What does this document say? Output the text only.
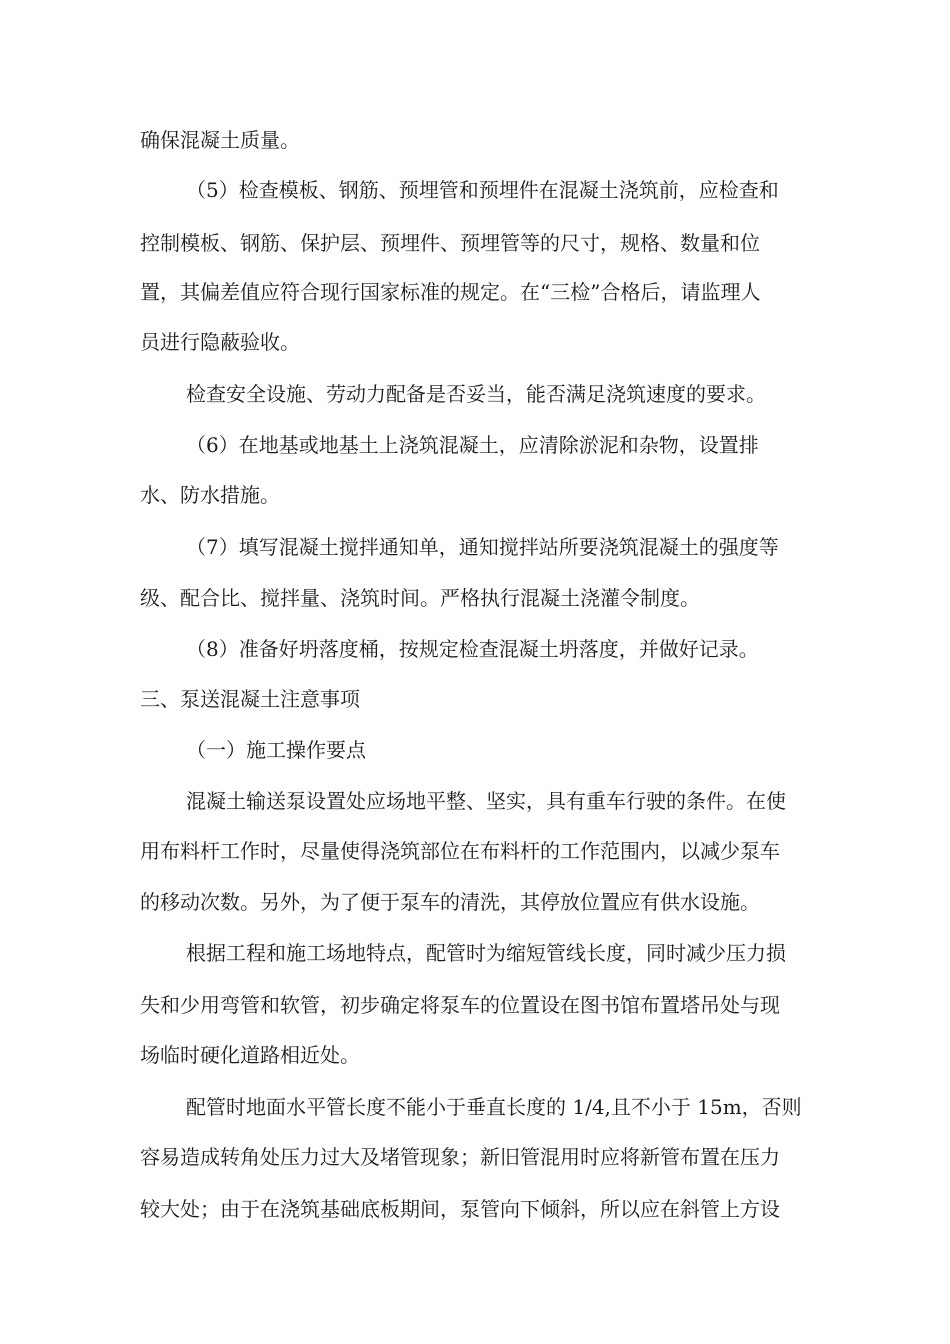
确保混凝土质量。
（5）检查模板、钢筋、预埋管和预埋件在混凝土浇筑前，应检查和
控制模板、钢筋、保护层、预埋件、预埋管等的尺寸，规格、数量和位
置，其偏差值应符合现行国家标准的规定。在“三检”合格后，请监理人
员进行隐蔽验收。
检查安全设施、劳动力配备是否妥当，能否满足浇筑速度的要求。
（6）在地基或地基土上浇筑混凝土，应清除淤泥和杂物，设置排
水、防水措施。
（7）填写混凝土搅拌通知单，通知搅拌站所要浇筑混凝土的强度等
级、配合比、搅拌量、浇筑时间。严格执行混凝土浇灌令制度。
（8）准备好坍落度桶，按规定检查混凝土坍落度，并做好记录。
三、泵送混凝土注意事项
（一）施工操作要点
混凝土输送泵设置处应场地平整、坚实，具有重车行驶的条件。在使
用布料杆工作时，尽量使得浇筑部位在布料杆的工作范围内，以减少泵车
的移动次数。另外，为了便于泵车的清洗，其停放位置应有供水设施。
根据工程和施工场地特点，配管时为缩短管线长度，同时减少压力损
失和少用弯管和软管，初步确定将泵车的位置设在图书馆布置塔吊处与现
场临时硬化道路相近处。
配管时地面水平管长度不能小于垂直长度的 1/4,且不小于 15m，否则
容易造成转角处压力过大及堵管现象；新旧管混用时应将新管布置在压力
较大处；由于在浇筑基础底板期间，泵管向下倾斜，所以应在斜管上方设
